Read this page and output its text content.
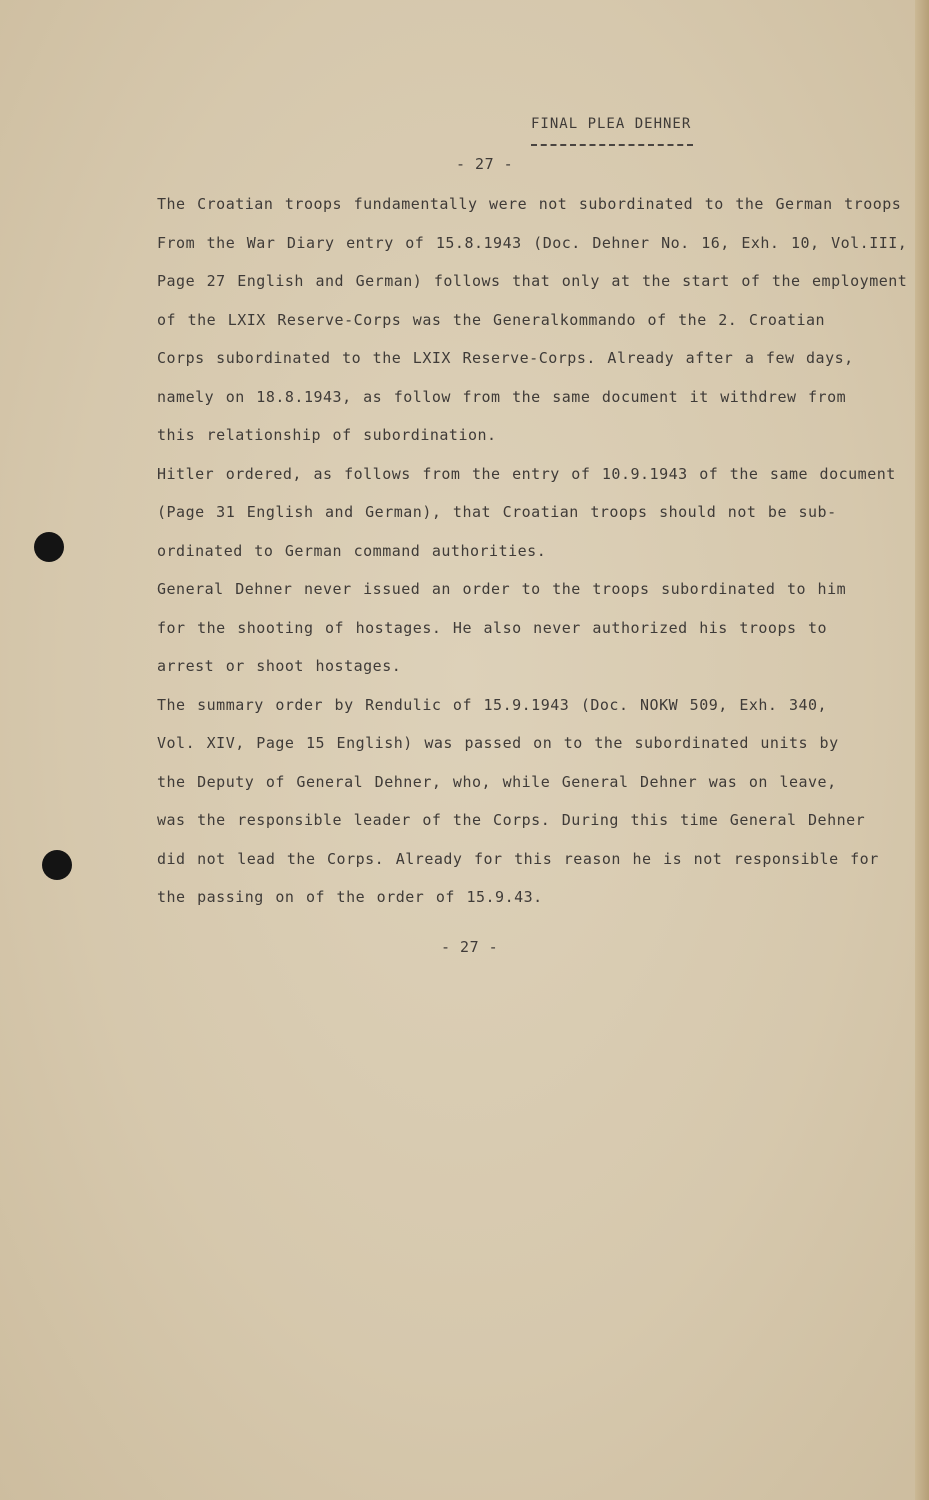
FINAL PLEA DEHNER
- 27 -
The Croatian troops fundamentally were not subordinated to the German troops
From the War Diary entry of 15.8.1943 (Doc. Dehner No. 16, Exh. 10, Vol.III,
Page 27 English and German) follows that only at the start of the employment
of the LXIX Reserve-Corps was the Generalkommando of the 2. Croatian
Corps subordinated to the LXIX Reserve-Corps. Already after a few days,
namely on 18.8.1943, as follow from the same document it withdrew from
this relationship of subordination.
Hitler ordered, as follows from the entry of 10.9.1943 of the same document
(Page 31 English and German), that Croatian troops should not be sub-
ordinated to German command authorities.
General Dehner never issued an order to the troops subordinated to him
for the shooting of hostages. He also never authorized his troops to
arrest or shoot hostages.
The summary order by Rendulic of 15.9.1943 (Doc. NOKW 509, Exh. 340,
Vol. XIV, Page 15 English) was passed on to the subordinated units by
the Deputy of General Dehner, who, while General Dehner was on leave,
was the responsible leader of the Corps. During this time General Dehner
did not lead the Corps. Already for this reason he is not responsible for
the passing on of the order of 15.9.43.
- 27 -
